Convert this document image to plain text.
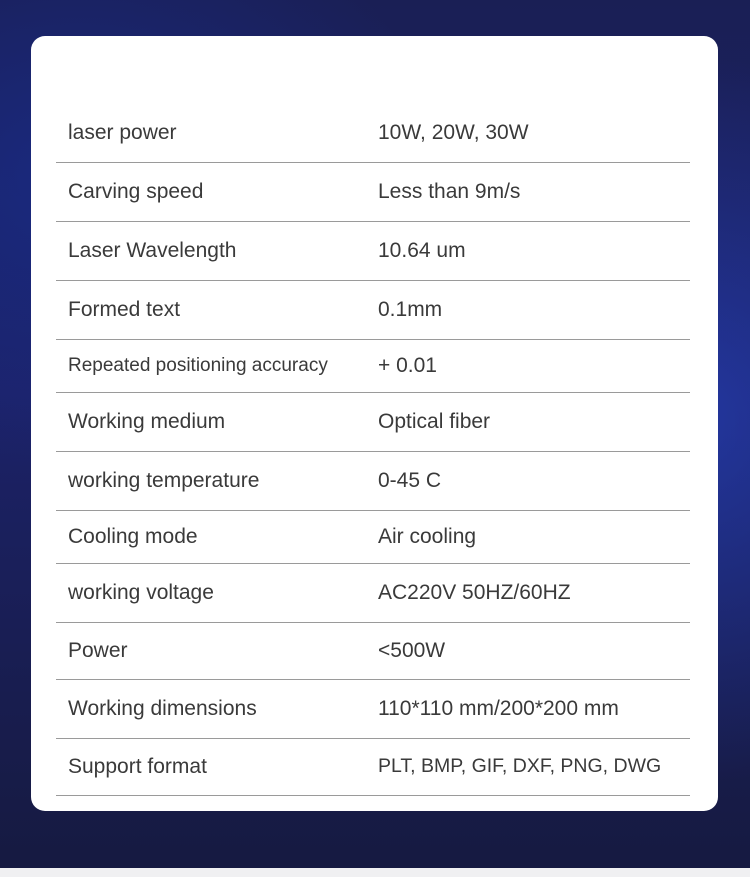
laser power	10W, 20W, 30W
Carving speed	Less than 9m/s
Laser Wavelength	10.64 um
Formed text	0.1mm
Repeated positioning accuracy	+ 0.01
Working medium	Optical fiber
working temperature	0-45 C
Cooling mode	Air cooling
working voltage	AC220V 50HZ/60HZ
Power	<500W
Working dimensions	110*110 mm/200*200 mm
Support format	PLT, BMP, GIF, DXF, PNG, DWG
